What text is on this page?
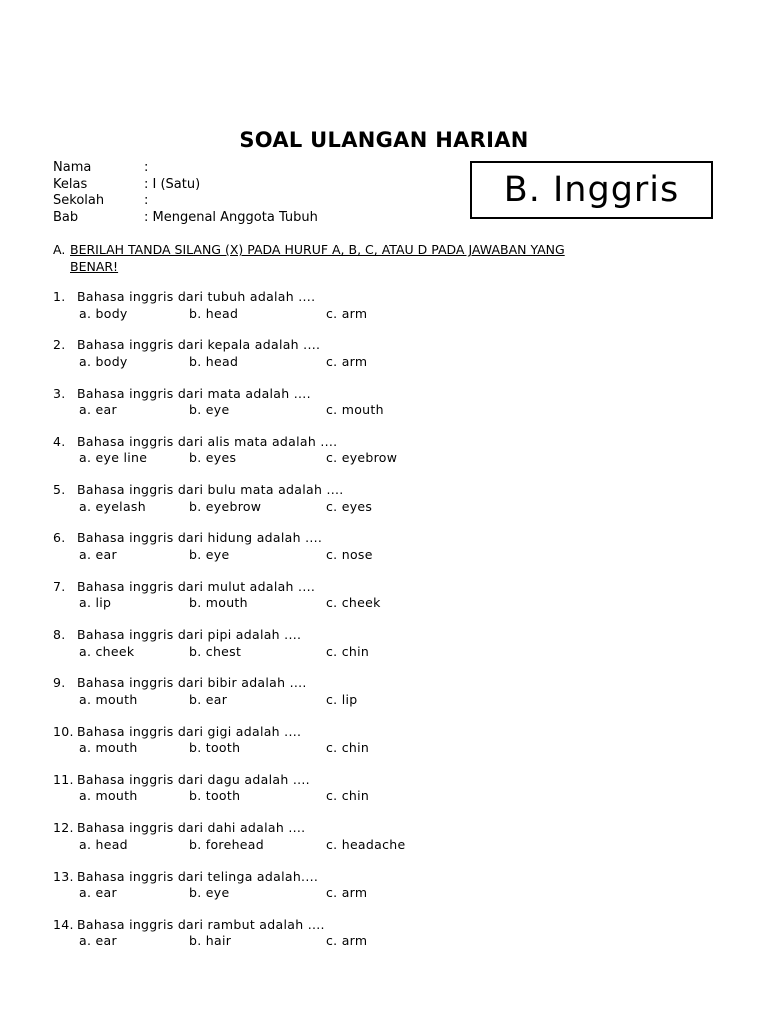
SOAL ULANGAN HARIAN
Nama	:
Kelas	: I (Satu)
Sekolah	:
Bab	: Mengenal Anggota Tubuh
B. Inggris
A. BERILAH TANDA SILANG (X) PADA HURUF A, B, C, ATAU D PADA JAWABAN YANG
BENAR!
1. Bahasa inggris dari tubuh adalah ....
a. body	b. head	c. arm
2. Bahasa inggris dari kepala adalah ....
a. body	b. head	c. arm
3. Bahasa inggris dari mata adalah ....
a. ear	b. eye	c. mouth
4. Bahasa inggris dari alis mata adalah ....
a. eye line	b. eyes	c. eyebrow
5. Bahasa inggris dari bulu mata adalah ....
a. eyelash	b. eyebrow	c. eyes
6. Bahasa inggris dari hidung adalah ....
a. ear	b. eye	c. nose
7. Bahasa inggris dari mulut adalah ....
a. lip	b. mouth	c. cheek
8. Bahasa inggris dari pipi adalah ....
a. cheek	b. chest	c. chin
9. Bahasa inggris dari bibir adalah ....
a. mouth	b. ear	c. lip
10. Bahasa inggris dari gigi adalah ....
a. mouth	b. tooth	c. chin
11. Bahasa inggris dari dagu adalah ....
a. mouth	b. tooth	c. chin
12. Bahasa inggris dari dahi adalah ....
a. head	b. forehead	c. headache
13. Bahasa inggris dari telinga adalah....
a. ear	b. eye	c. arm
14. Bahasa inggris dari rambut adalah ....
a. ear	b. hair	c. arm
